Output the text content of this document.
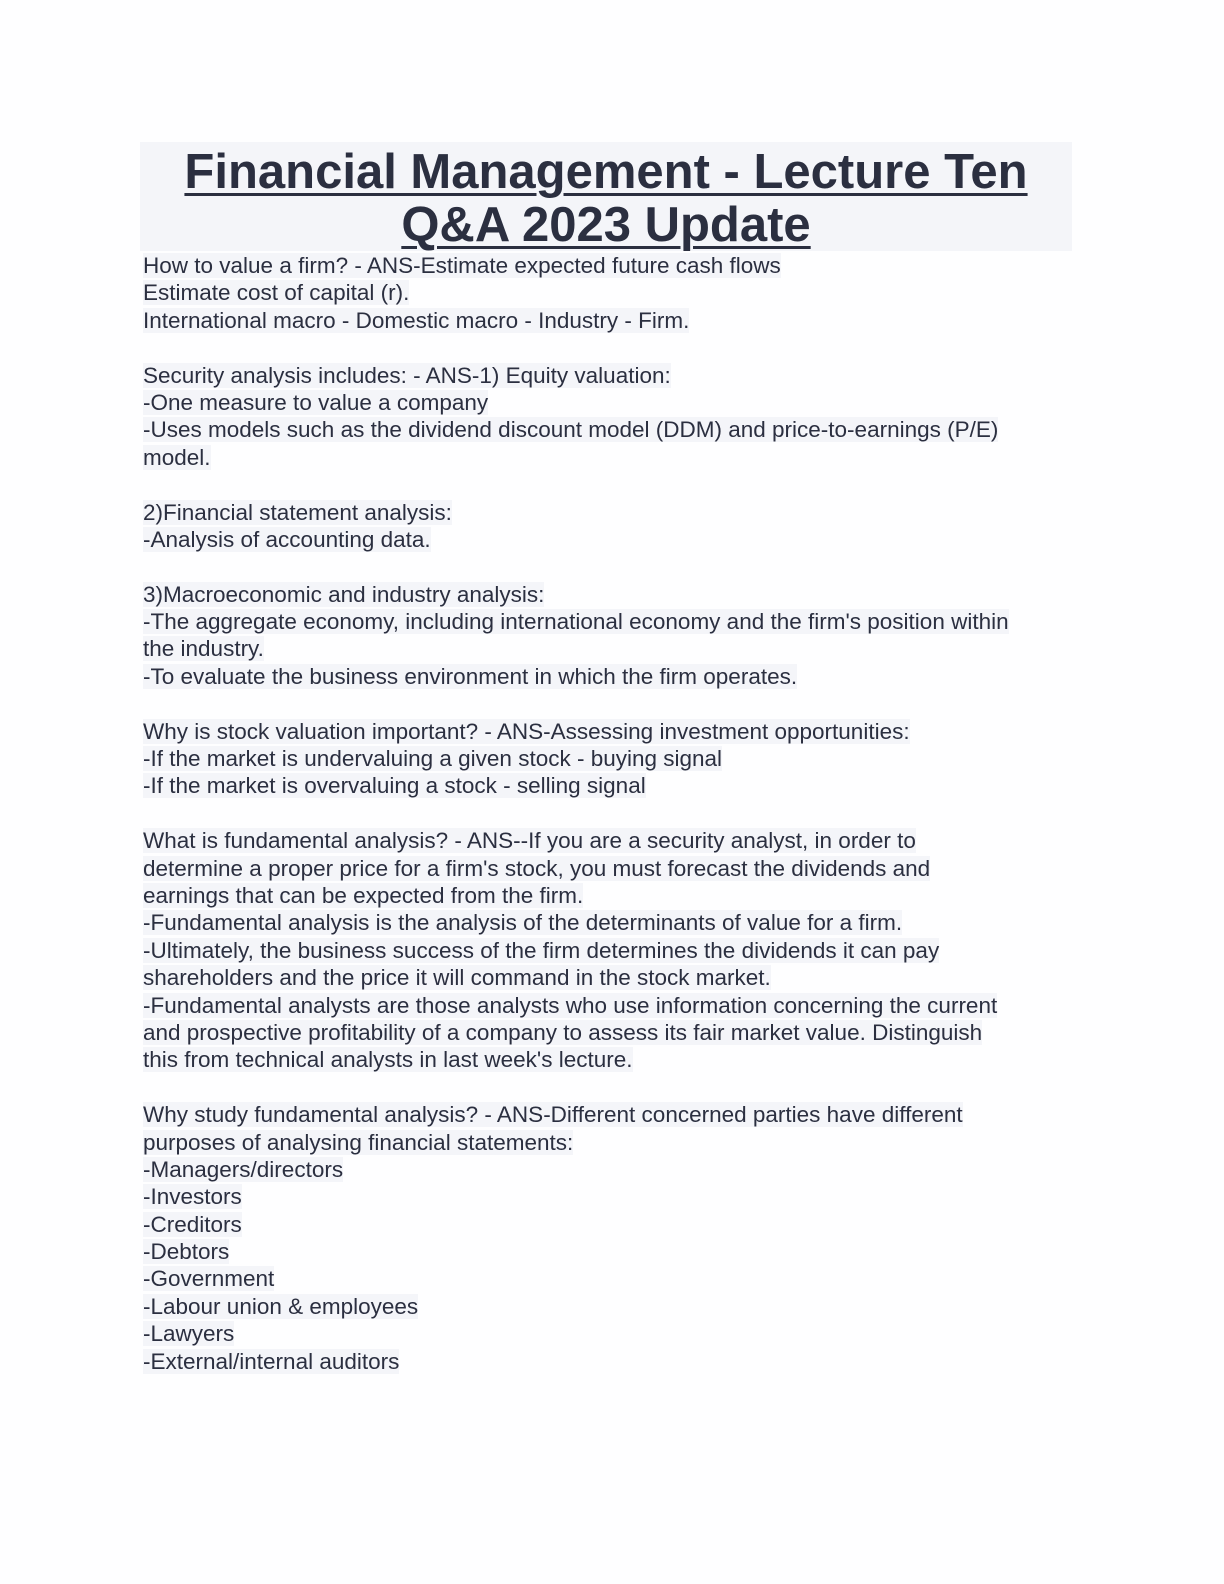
Financial Management - Lecture Ten
Q&A 2023 Update
How to value a firm? - ANS-Estimate expected future cash flows
Estimate cost of capital (r).
International macro - Domestic macro - Industry - Firm.
Security analysis includes: - ANS-1) Equity valuation:
-One measure to value a company
-Uses models such as the dividend discount model (DDM) and price-to-earnings (P/E)
model.
2)Financial statement analysis:
-Analysis of accounting data.
3)Macroeconomic and industry analysis:
-The aggregate economy, including international economy and the firm's position within
the industry.
-To evaluate the business environment in which the firm operates.
Why is stock valuation important? - ANS-Assessing investment opportunities:
-If the market is undervaluing a given stock - buying signal
-If the market is overvaluing a stock - selling signal
What is fundamental analysis? - ANS--If you are a security analyst, in order to
determine a proper price for a firm's stock, you must forecast the dividends and
earnings that can be expected from the firm.
-Fundamental analysis is the analysis of the determinants of value for a firm.
-Ultimately, the business success of the firm determines the dividends it can pay
shareholders and the price it will command in the stock market.
-Fundamental analysts are those analysts who use information concerning the current
and prospective profitability of a company to assess its fair market value. Distinguish
this from technical analysts in last week's lecture.
Why study fundamental analysis? - ANS-Different concerned parties have different
purposes of analysing financial statements:
-Managers/directors
-Investors
-Creditors
-Debtors
-Government
-Labour union & employees
-Lawyers
-External/internal auditors
